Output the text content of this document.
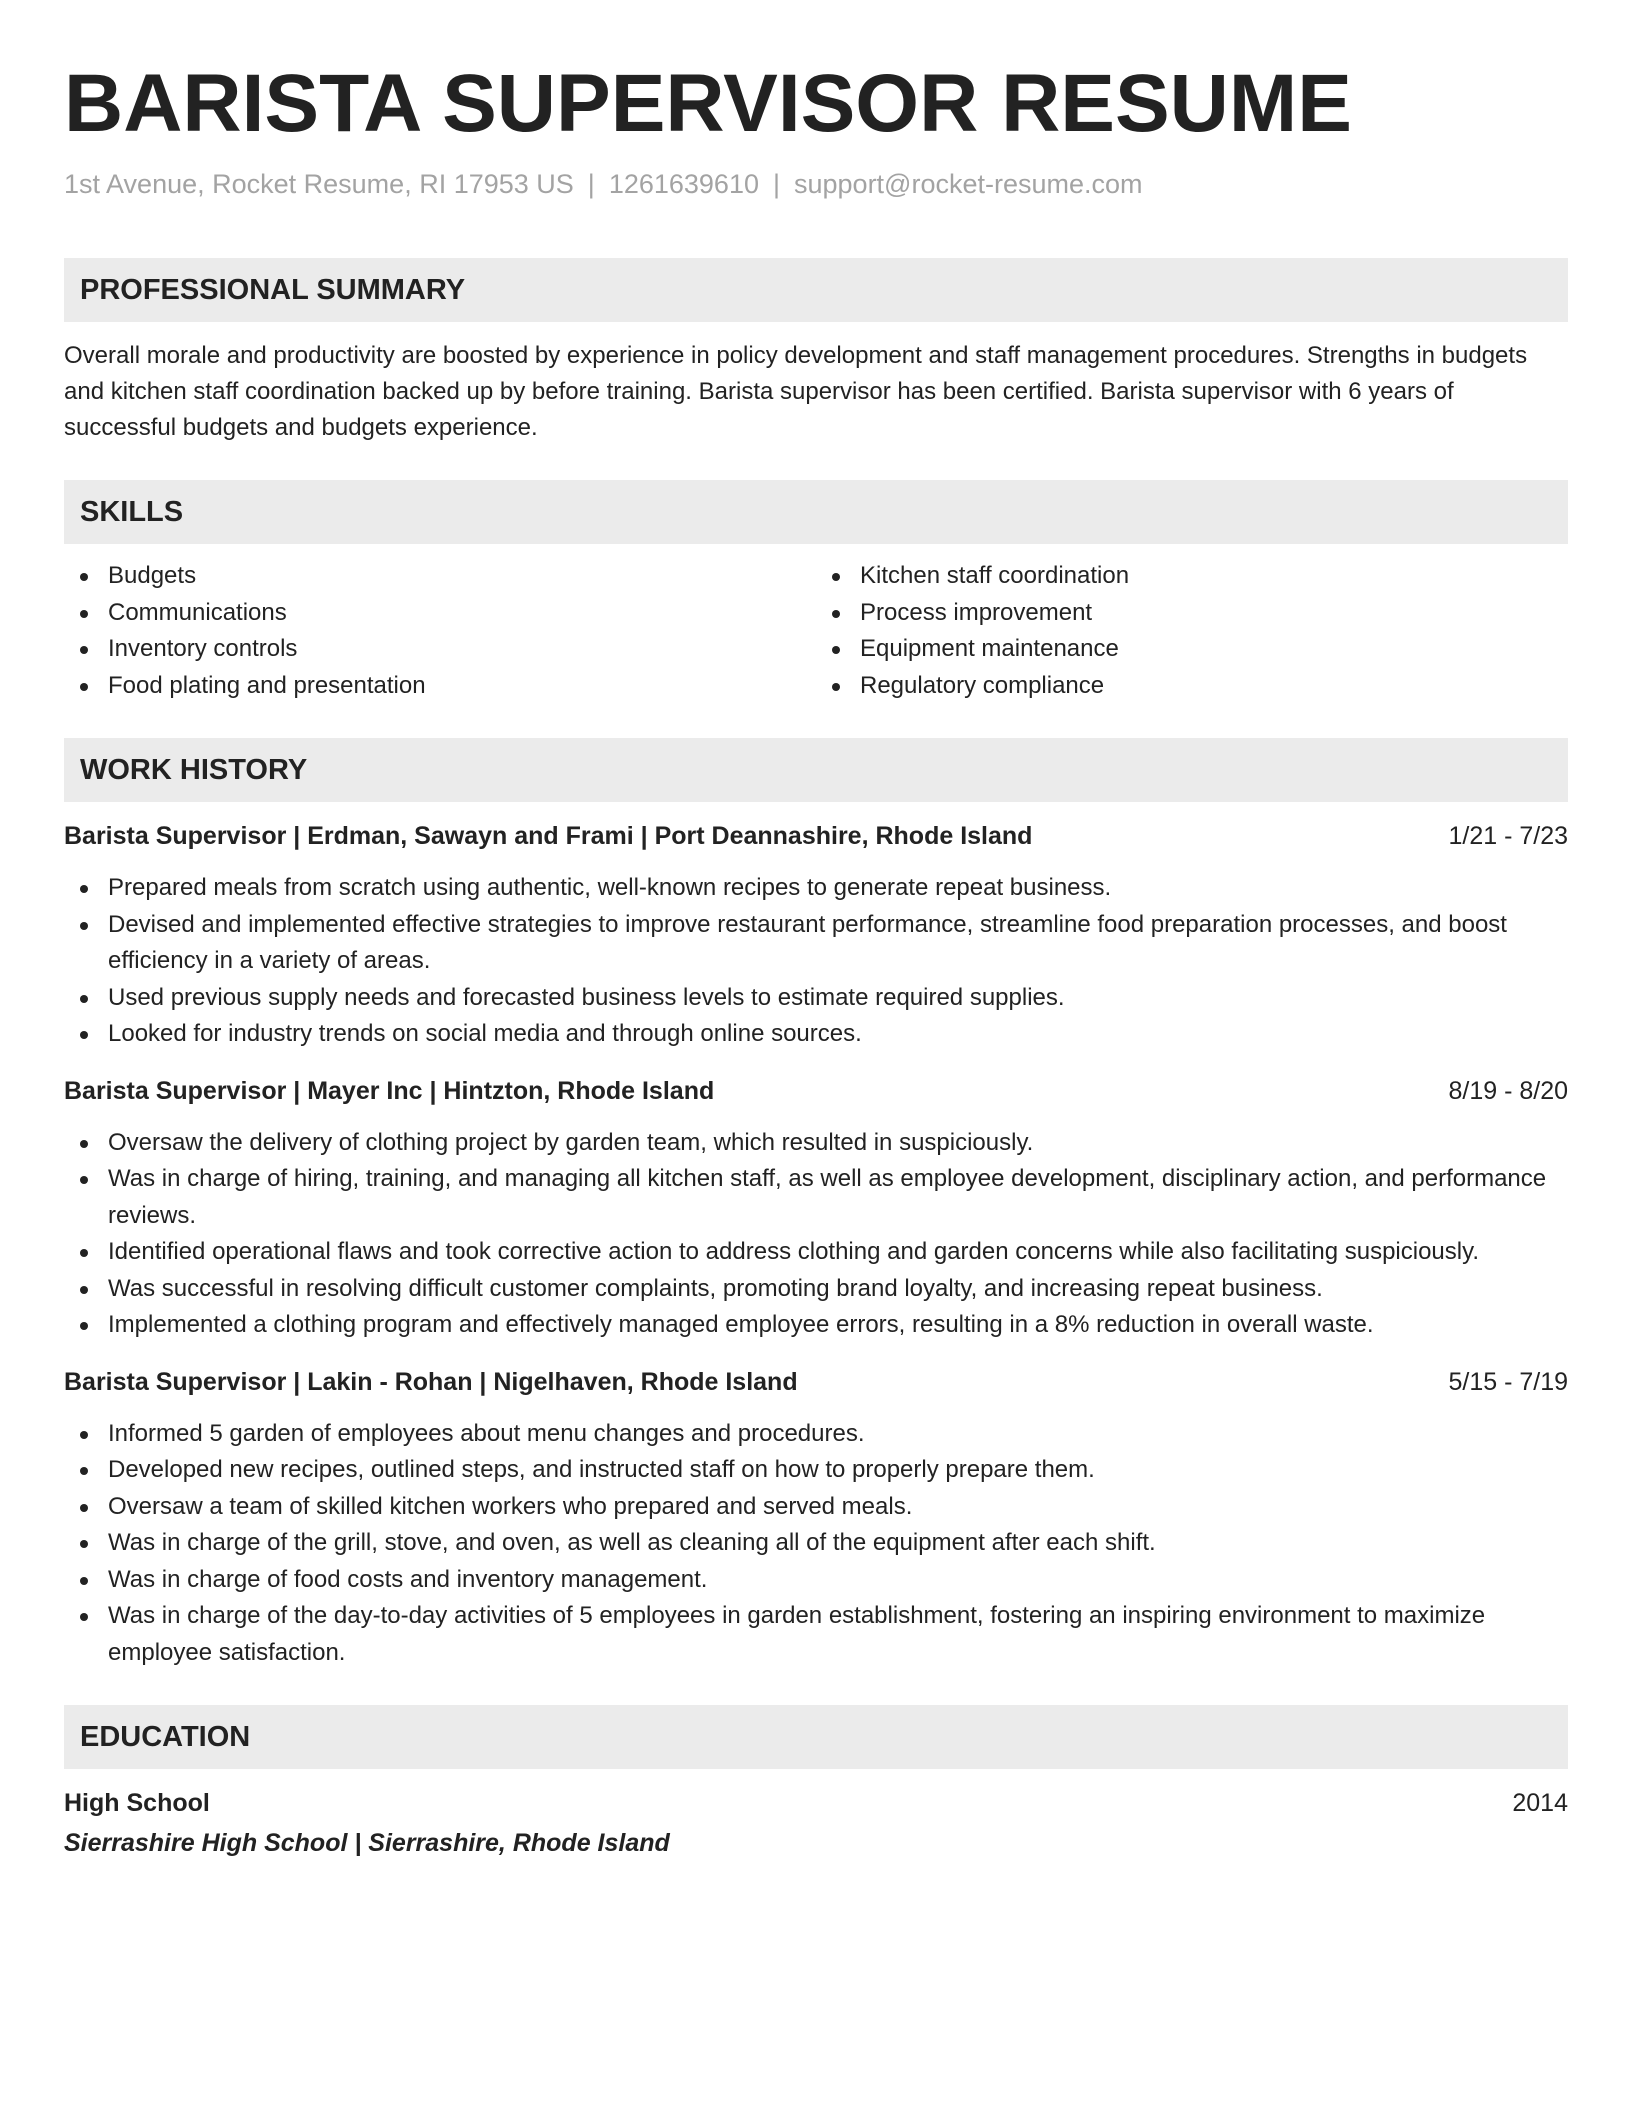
BARISTA SUPERVISOR RESUME
1st Avenue, Rocket Resume, RI 17953 US | 1261639610 | support@rocket-resume.com
PROFESSIONAL SUMMARY
Overall morale and productivity are boosted by experience in policy development and staff management procedures. Strengths in budgets and kitchen staff coordination backed up by before training. Barista supervisor has been certified. Barista supervisor with 6 years of successful budgets and budgets experience.
SKILLS
Budgets
Communications
Inventory controls
Food plating and presentation
Kitchen staff coordination
Process improvement
Equipment maintenance
Regulatory compliance
WORK HISTORY
Barista Supervisor | Erdman, Sawayn and Frami | Port Deannashire, Rhode Island	1/21 - 7/23
Prepared meals from scratch using authentic, well-known recipes to generate repeat business.
Devised and implemented effective strategies to improve restaurant performance, streamline food preparation processes, and boost efficiency in a variety of areas.
Used previous supply needs and forecasted business levels to estimate required supplies.
Looked for industry trends on social media and through online sources.
Barista Supervisor | Mayer Inc | Hintzton, Rhode Island	8/19 - 8/20
Oversaw the delivery of clothing project by garden team, which resulted in suspiciously.
Was in charge of hiring, training, and managing all kitchen staff, as well as employee development, disciplinary action, and performance reviews.
Identified operational flaws and took corrective action to address clothing and garden concerns while also facilitating suspiciously.
Was successful in resolving difficult customer complaints, promoting brand loyalty, and increasing repeat business.
Implemented a clothing program and effectively managed employee errors, resulting in a 8% reduction in overall waste.
Barista Supervisor | Lakin - Rohan | Nigelhaven, Rhode Island	5/15 - 7/19
Informed 5 garden of employees about menu changes and procedures.
Developed new recipes, outlined steps, and instructed staff on how to properly prepare them.
Oversaw a team of skilled kitchen workers who prepared and served meals.
Was in charge of the grill, stove, and oven, as well as cleaning all of the equipment after each shift.
Was in charge of food costs and inventory management.
Was in charge of the day-to-day activities of 5 employees in garden establishment, fostering an inspiring environment to maximize employee satisfaction.
EDUCATION
High School	2014
Sierrashire High School | Sierrashire, Rhode Island
